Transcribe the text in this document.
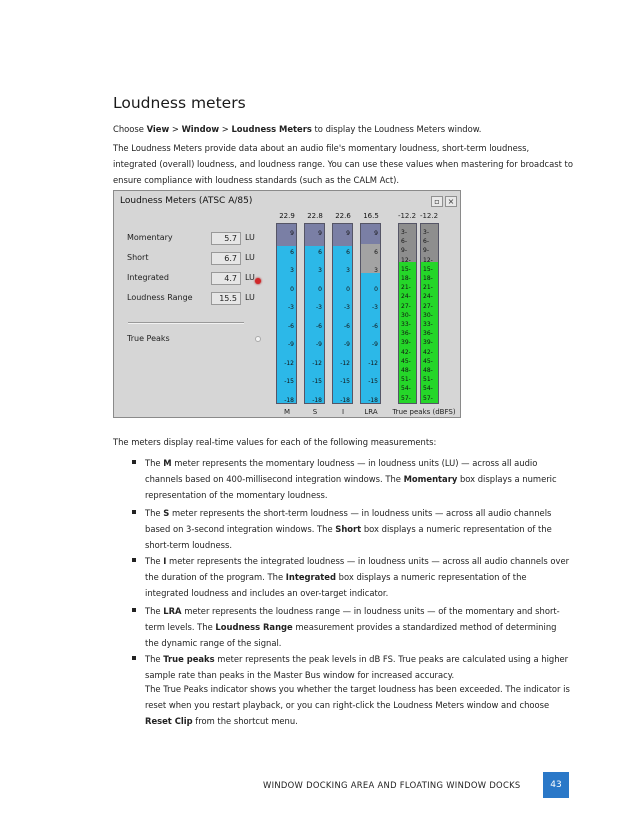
Loudness meters

Choose View > Window > Loudness Meters to display the Loudness Meters window.

The Loudness Meters provide data about an audio file's momentary loudness, short-term loudness, integrated (overall) loudness, and loudness range. You can use these values when mastering for broadcast to ensure compliance with loudness standards (such as the CALM Act).

Loudness Meters (ATSC A/85)	▫ ×
Momentary	5.7	LU
Short	6.7	LU
Integrated	4.7	LU
Loudness Range	15.5	LU
True Peaks
22.9
9
6
3
0
-3
-6
-9
-12
-15
-18
M
22.8
9
6
3
0
-3
-6
-9
-12
-15
-18
S
22.6
9
6
3
0
-3
-6
-9
-12
-15
-18
I
16.5
9
6
3
0
-3
-6
-9
-12
-15
-18
LRA
-12.2
3-
6-
9-
12-
15-
18-
21-
24-
27-
30-
33-
36-
39-
42-
45-
48-
51-
54-
57-
-12.2
3-
6-
9-
12-
15-
18-
21-
24-
27-
30-
33-
36-
39-
42-
45-
48-
51-
54-
57-
True peaks (dBFS)

The meters display real-time values for each of the following measurements:

The M meter represents the momentary loudness — in loudness units (LU) — across all audio channels based on 400-millisecond integration windows. The Momentary box displays a numeric representation of the momentary loudness.

The S meter represents the short-term loudness — in loudness units — across all audio channels based on 3-second integration windows. The Short box displays a numeric representation of the short-term loudness.

The I meter represents the integrated loudness — in loudness units — across all audio channels over the duration of the program. The Integrated box displays a numeric representation of the integrated loudness and includes an over-target indicator.

The LRA meter represents the loudness range — in loudness units — of the momentary and short-term levels. The Loudness Range measurement provides a standardized method of determining the dynamic range of the signal.

The True peaks meter represents the peak levels in dB FS. True peaks are calculated using a higher sample rate than peaks in the Master Bus window for increased accuracy.

The True Peaks indicator shows you whether the target loudness has been exceeded. The indicator is reset when you restart playback, or you can right-click the Loudness Meters window and choose Reset Clip from the shortcut menu.

WINDOW DOCKING AREA AND FLOATING WINDOW DOCKS	43
